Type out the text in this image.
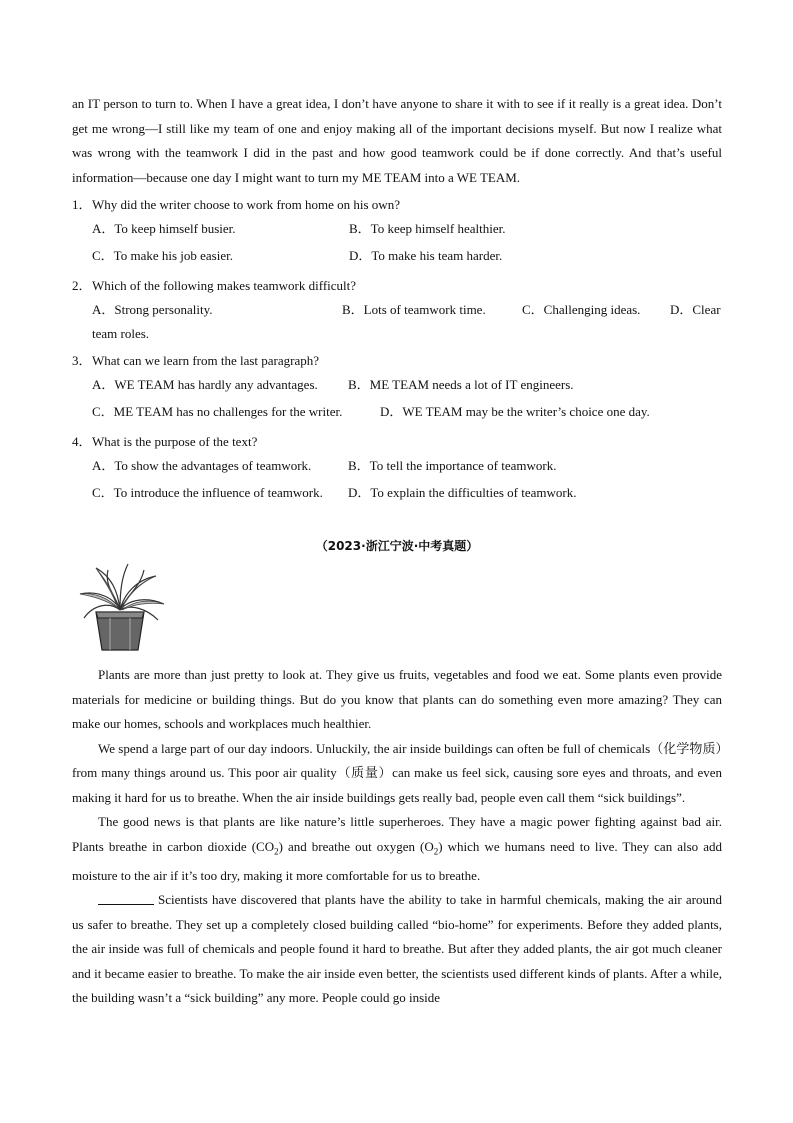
an IT person to turn to. When I have a great idea, I don’t have anyone to share it with to see if it really is a great idea. Don’t get me wrong—I still like my team of one and enjoy making all of the important decisions myself. But now I realize what was wrong with the teamwork I did in the past and how good teamwork could be if done correctly. And that’s useful information—because one day I might want to turn my ME TEAM into a WE TEAM.

1．Why did the writer choose to work from home on his own?

A．To keep himself busier.	B．To keep himself healthier.
C．To make his job easier.	D．To make his team harder.

2．Which of the following makes teamwork difficult?

A．Strong personality.	B．Lots of teamwork time.	C．Challenging ideas. D．Clear
team roles.

3．What can we learn from the last paragraph?

A．WE TEAM has hardly any advantages. B．ME TEAM needs a lot of IT engineers.
C．ME TEAM has no challenges for the writer.	D．WE TEAM may be the writer’s choice one day.

4．What is the purpose of the text?

A．To show the advantages of teamwork.	B．To tell the importance of teamwork.
C．To introduce the influence of teamwork. D．To explain the difficulties of teamwork.
（2023·浙江宁波·中考真题）

Plants are more than just pretty to look at. They give us fruits, vegetables and food we eat. Some plants even provide materials for medicine or building things. But do you know that plants can do something even more amazing? They can make our homes, schools and workplaces much healthier.

We spend a large part of our day indoors. Unluckily, the air inside buildings can often be full of chemicals（化学物质）from many things around us. This poor air quality（质量）can make us feel sick, causing sore eyes and throats, and even making it hard for us to breathe. When the air inside buildings gets really bad, people even call them “sick buildings”.

The good news is that plants are like nature’s little superheroes. They have a magic power fighting against bad air. Plants breathe in carbon dioxide $(CO_2)$ and breathe out oxygen $(O_2)$ which we humans need to live. They can also add moisture to the air if it’s too dry, making it more comfortable for us to breathe.

Scientists have discovered that plants have the ability to take in harmful chemicals, making the air around us safer to breathe. They set up a completely closed building called “bio-home” for experiments. Before they added plants, the air inside was full of chemicals and people found it hard to breathe. But after they added plants, the air got much cleaner and it became easier to breathe. To make the air inside even better, the scientists used different kinds of plants. After a while, the building wasn’t a “sick building” any more. People could go inside
